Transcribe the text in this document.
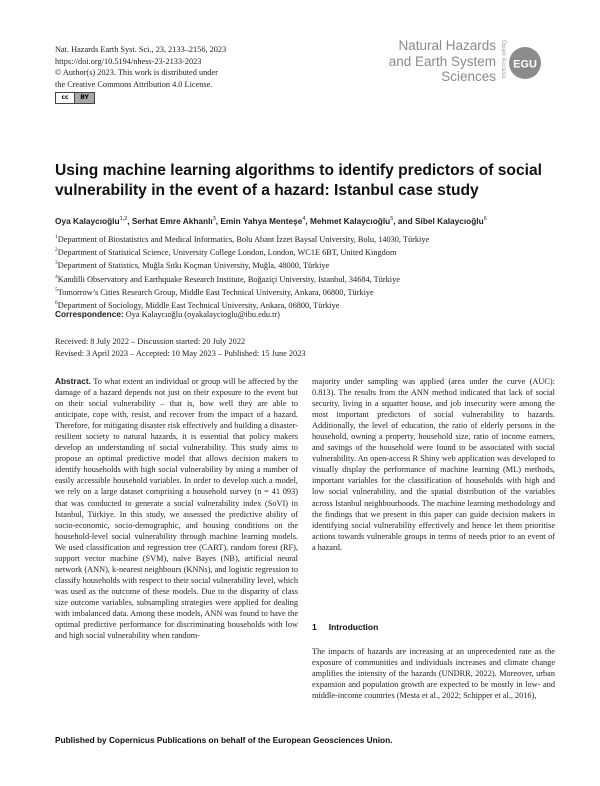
Nat. Hazards Earth Syst. Sci., 23, 2133–2156, 2023
https://doi.org/10.5194/nhess-23-2133-2023
© Author(s) 2023. This work is distributed under
the Creative Commons Attribution 4.0 License.
cc	BY
Natural Hazards
and Earth System
Sciences Open Access EGU
Using machine learning algorithms to identify predictors of social vulnerability in the event of a hazard: Istanbul case study
Oya Kalaycıoğlu$^{1,2}$, Serhat Emre Akhanlı$^3$, Emin Yahya Menteşe$^4$, Mehmet Kalaycıoğlu$^5$, and Sibel Kalaycıoğlu$^6$
$^1$Department of Biostatistics and Medical Informatics, Bolu Abant İzzet Baysal University, Bolu, 14030, Türkiye
$^2$Department of Statistical Science, University College London, London, WC1E 6BT, United Kingdom
$^3$Department of Statistics, Muğla Sıtkı Koçman University, Muğla, 48000, Türkiye
$^4$Kandilli Observatory and Earthquake Research Institute, Boğaziçi University, Istanbul, 34684, Türkiye
$^5$Tomorrow’s Cities Research Group, Middle East Technical University, Ankara, 06800, Türkiye
$^6$Department of Sociology, Middle East Technical University, Ankara, 06800, Türkiye
Correspondence: Oya Kalaycıoğlu (oyakalaycioglu@ibu.edu.tr)
Received: 8 July 2022 – Discussion started: 20 July 2022
Revised: 3 April 2023 – Accepted: 10 May 2023 – Published: 15 June 2023
Abstract. To what extent an individual or group will be affected by the damage of a hazard depends not just on their exposure to the event but on their social vulnerability – that is, how well they are able to anticipate, cope with, resist, and recover from the impact of a hazard. Therefore, for mitigating disaster risk effectively and building a disaster-resilient society to natural hazards, it is essential that policy makers develop an understanding of social vulnerability. This study aims to propose an optimal predictive model that allows decision makers to identify households with high social vulnerability by using a number of easily accessible household variables. In order to develop such a model, we rely on a large dataset comprising a household survey (n = 41 093) that was conducted to generate a social vulnerability index (SoVI) in Istanbul, Türkiye. In this study, we assessed the predictive ability of socio-economic, socio-demographic, and housing conditions on the household-level social vulnerability through machine learning models. We used classification and regression tree (CART), random forest (RF), support vector machine (SVM), naïve Bayes (NB), artificial neural network (ANN), k-nearest neighbours (KNNs), and logistic regression to classify households with respect to their social vulnerability level, which was used as the outcome of these models. Due to the disparity of class size outcome variables, subsampling strategies were applied for dealing with imbalanced data. Among these models, ANN was found to have the optimal predictive performance for discriminating households with low and high social vulnerability when random-
majority under sampling was applied (area under the curve (AUC): 0.813). The results from the ANN method indicated that lack of social security, living in a squatter house, and job insecurity were among the most important predictors of social vulnerability to hazards. Additionally, the level of education, the ratio of elderly persons in the household, owning a property, household size, ratio of income earners, and savings of the household were found to be associated with social vulnerability. An open-access R Shiny web application was developed to visually display the performance of machine learning (ML) methods, important variables for the classification of households with high and low social vulnerability, and the spatial distribution of the variables across Istanbul neighbourhoods. The machine learning methodology and the findings that we present in this paper can guide decision makers in identifying social vulnerability effectively and hence let them prioritise actions towards vulnerable groups in terms of needs prior to an event of a hazard.
1 Introduction
The impacts of hazards are increasing at an unprecedented rate as the exposure of communities and individuals increases and climate change amplifies the intensity of the hazards (UNDRR, 2022). Moreover, urban expansion and population growth are expected to be mostly in low- and middle-income countries (Mesta et al., 2022; Schipper et al., 2016),
Published by Copernicus Publications on behalf of the European Geosciences Union.
